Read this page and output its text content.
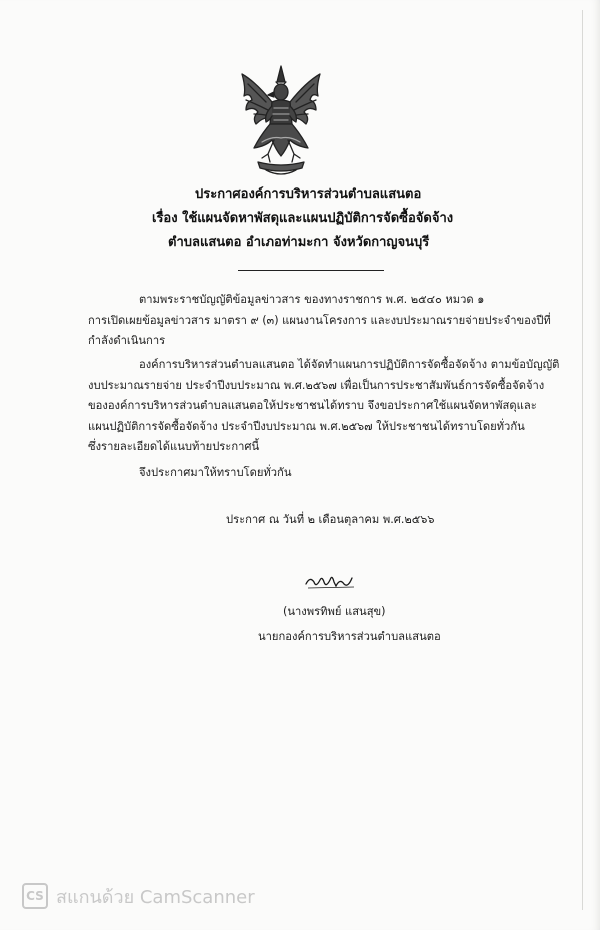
ประกาศองค์การบริหารส่วนตำบลแสนตอ
เรื่อง ใช้แผนจัดหาพัสดุและแผนปฏิบัติการจัดซื้อจัดจ้าง
ตำบลแสนตอ อำเภอท่ามะกา จังหวัดกาญจนบุรี
ตามพระราชบัญญัติข้อมูลข่าวสาร ของทางราชการ พ.ศ. ๒๕๔๐ หมวด ๑
การเปิดเผยข้อมูลข่าวสาร มาตรา ๙ (๓) แผนงานโครงการ และงบประมาณรายจ่ายประจำของปีที่
กำลังดำเนินการ
องค์การบริหารส่วนตำบลแสนตอ ได้จัดทำแผนการปฏิบัติการจัดซื้อจัดจ้าง ตามข้อบัญญัติ
งบประมาณรายจ่าย ประจำปีงบประมาณ พ.ศ.๒๕๖๗ เพื่อเป็นการประชาสัมพันธ์การจัดซื้อจัดจ้าง
ขององค์การบริหารส่วนตำบลแสนตอให้ประชาชนได้ทราบ จึงขอประกาศใช้แผนจัดหาพัสดุและ
แผนปฏิบัติการจัดซื้อจัดจ้าง ประจำปีงบประมาณ พ.ศ.๒๕๖๗ ให้ประชาชนได้ทราบโดยทั่วกัน
ซึ่งรายละเอียดได้แนบท้ายประกาศนี้
จึงประกาศมาให้ทราบโดยทั่วกัน
ประกาศ ณ วันที่ ๒ เดือนตุลาคม พ.ศ.๒๕๖๖
(นางพรทิพย์ แสนสุข)
นายกองค์การบริหารส่วนตำบลแสนตอ
CS สแกนด้วย CamScanner
